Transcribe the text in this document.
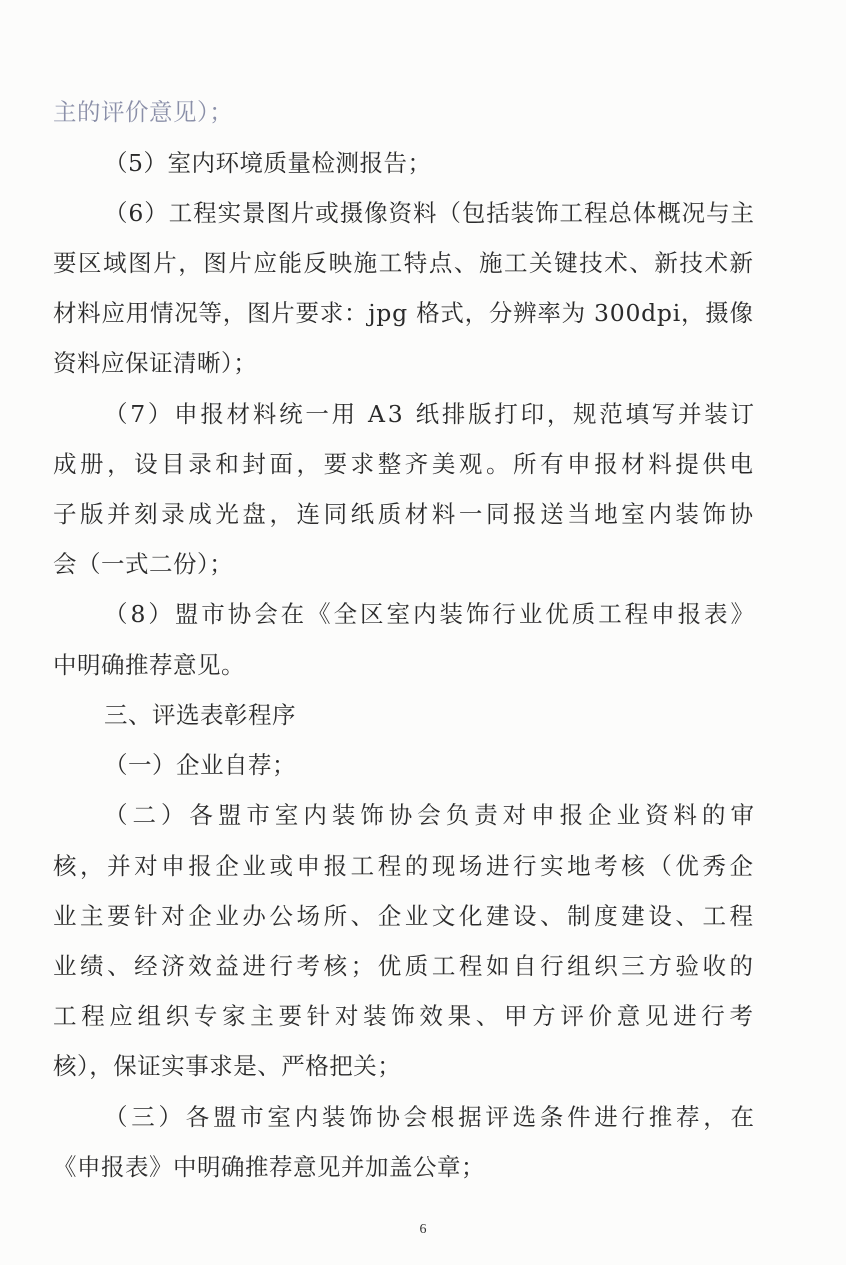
主的评价意见）；
（5）室内环境质量检测报告；
（6）工程实景图片或摄像资料（包括装饰工程总体概况与主
要区域图片，图片应能反映施工特点、施工关键技术、新技术新
材料应用情况等，图片要求：jpg 格式，分辨率为 300dpi，摄像
资料应保证清晰）；
（7）申报材料统一用 A3 纸排版打印，规范填写并装订
成册，设目录和封面，要求整齐美观。所有申报材料提供电
子版并刻录成光盘，连同纸质材料一同报送当地室内装饰协
会（一式二份）；
（8）盟市协会在《全区室内装饰行业优质工程申报表》
中明确推荐意见。
三、评选表彰程序
（一）企业自荐；
（二）各盟市室内装饰协会负责对申报企业资料的审
核，并对申报企业或申报工程的现场进行实地考核（优秀企
业主要针对企业办公场所、企业文化建设、制度建设、工程
业绩、经济效益进行考核；优质工程如自行组织三方验收的
工程应组织专家主要针对装饰效果、甲方评价意见进行考
核），保证实事求是、严格把关；
（三）各盟市室内装饰协会根据评选条件进行推荐，在
《申报表》中明确推荐意见并加盖公章；
6
